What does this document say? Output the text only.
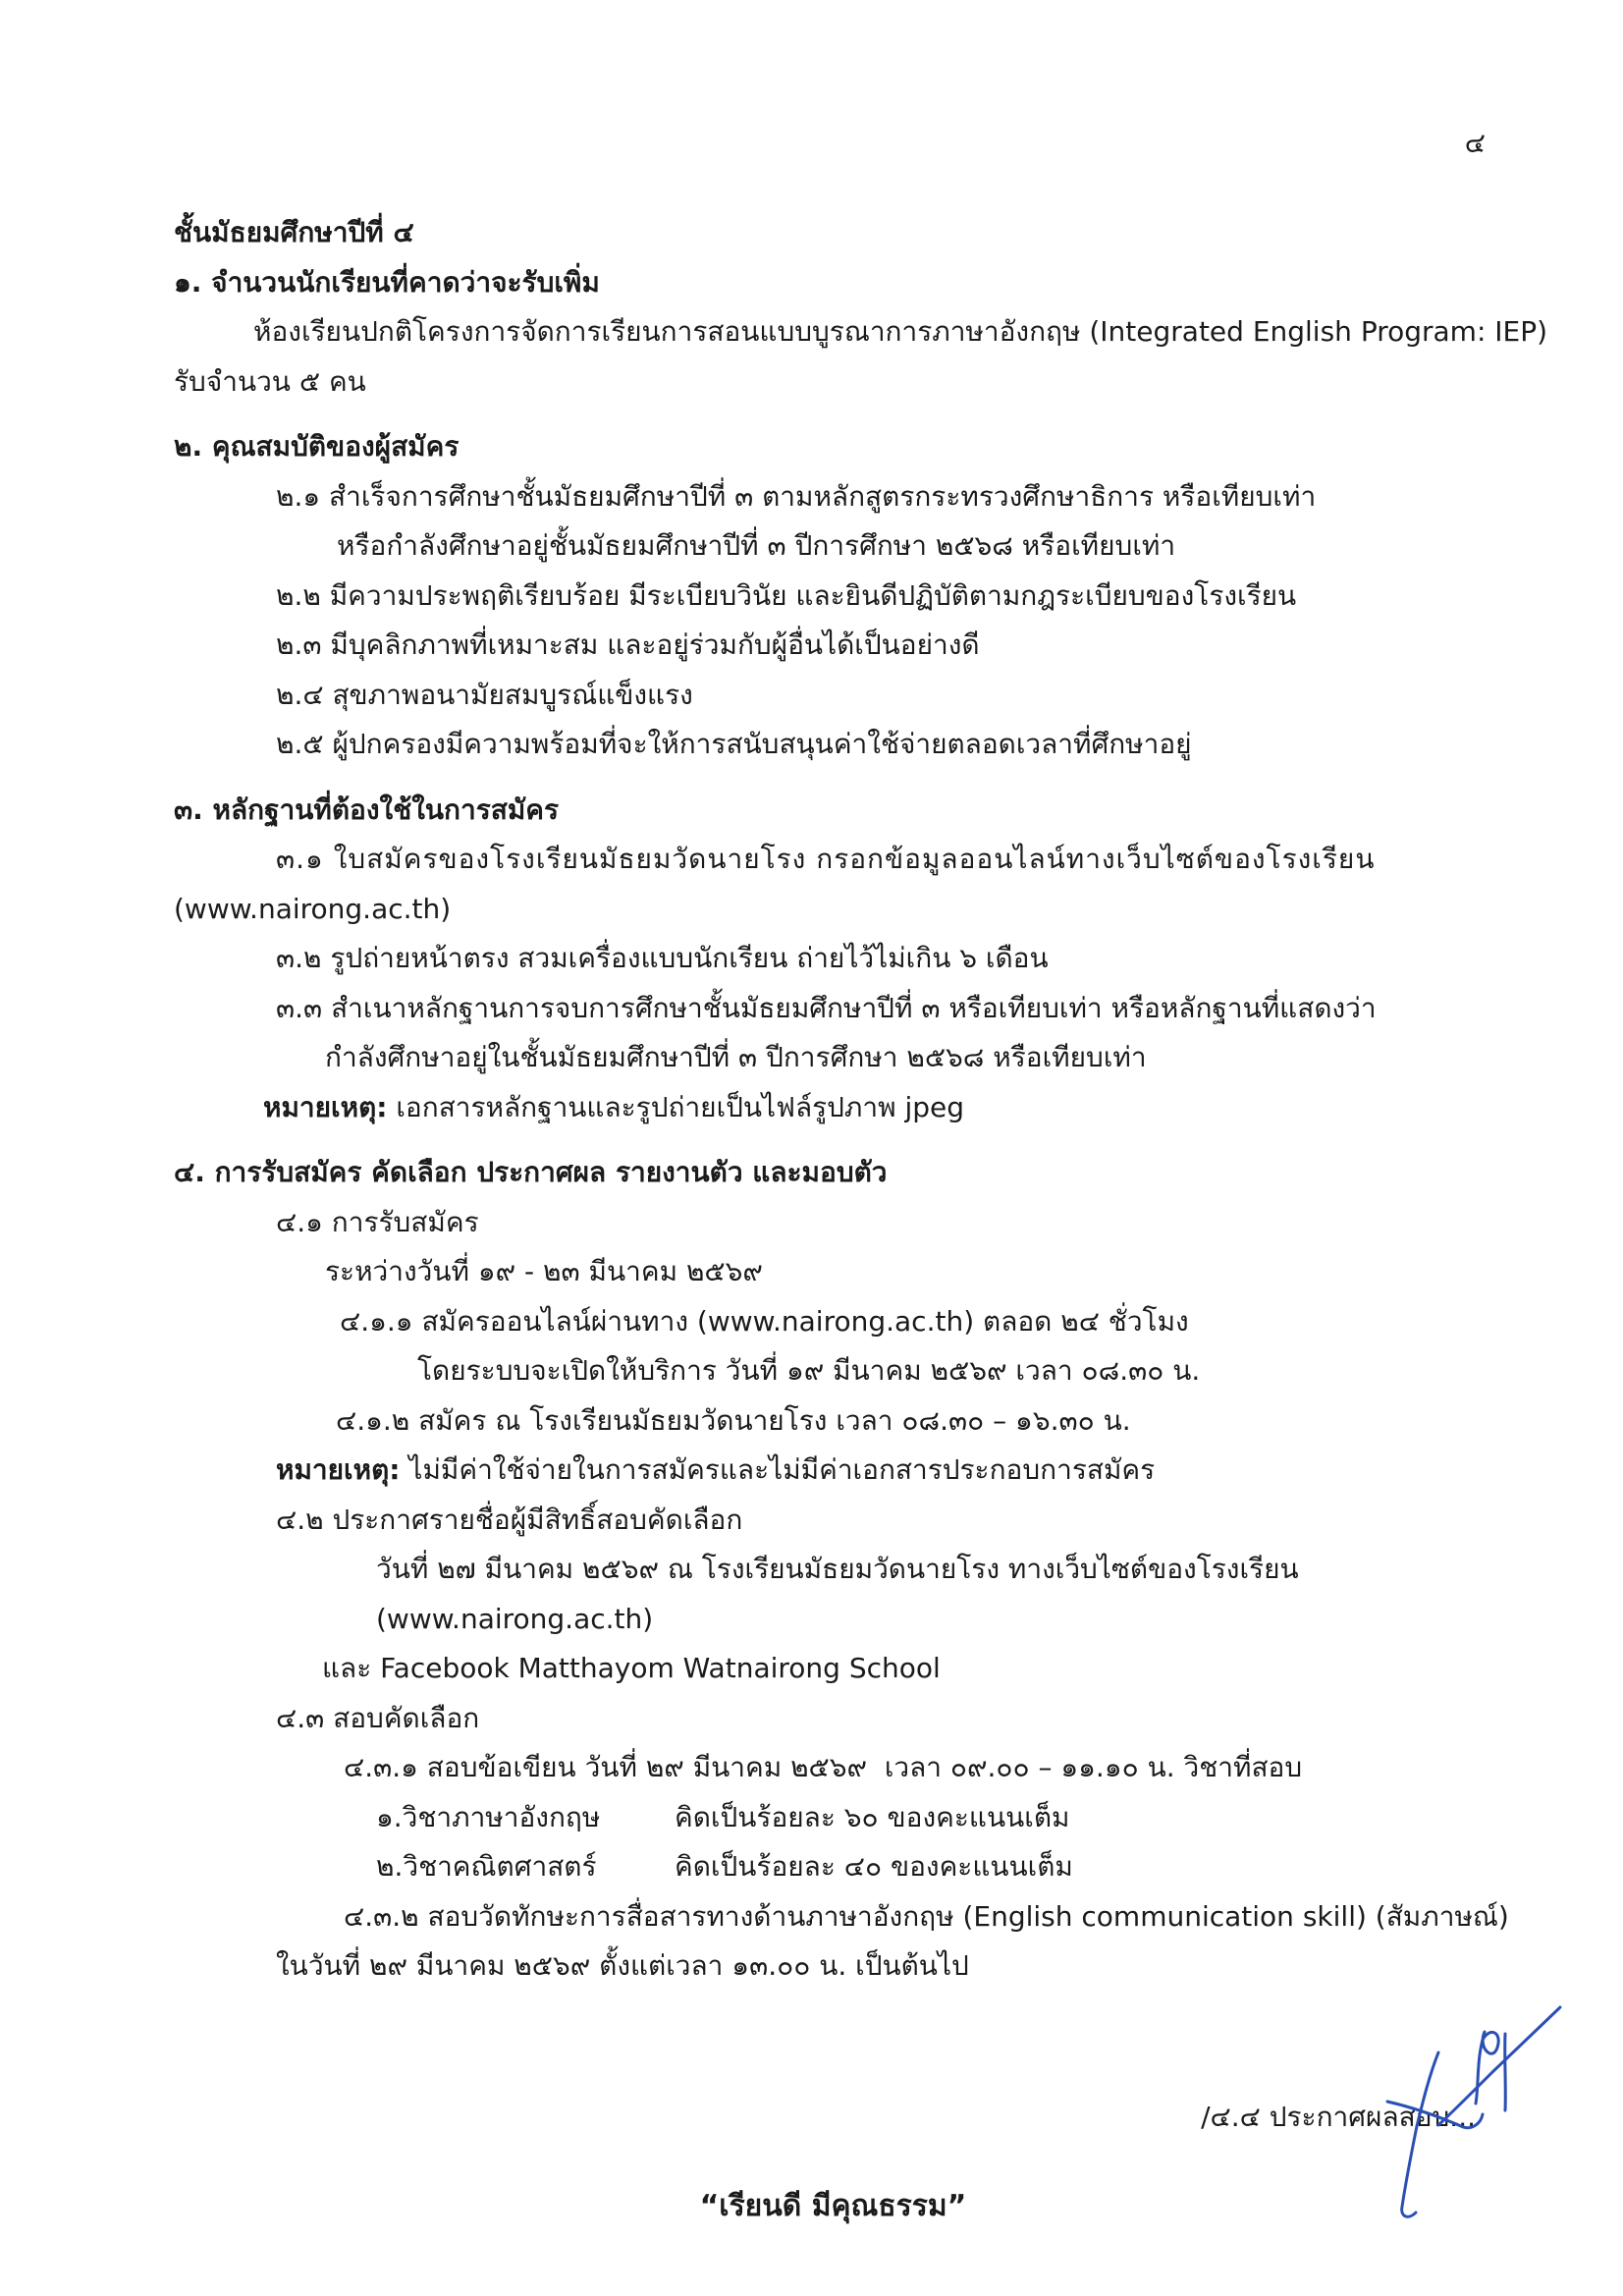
๔
ชั้นมัธยมศึกษาปีที่ ๔
๑. จำนวนนักเรียนที่คาดว่าจะรับเพิ่ม
ห้องเรียนปกติโครงการจัดการเรียนการสอนแบบบูรณาการภาษาอังกฤษ (Integrated English Program: IEP)
รับจำนวน ๕ คน
๒. คุณสมบัติของผู้สมัคร
๒.๑ สำเร็จการศึกษาชั้นมัธยมศึกษาปีที่ ๓ ตามหลักสูตรกระทรวงศึกษาธิการ หรือเทียบเท่า
หรือกำลังศึกษาอยู่ชั้นมัธยมศึกษาปีที่ ๓ ปีการศึกษา ๒๕๖๘ หรือเทียบเท่า
๒.๒ มีความประพฤติเรียบร้อย มีระเบียบวินัย และยินดีปฏิบัติตามกฎระเบียบของโรงเรียน
๒.๓ มีบุคลิกภาพที่เหมาะสม และอยู่ร่วมกับผู้อื่นได้เป็นอย่างดี
๒.๔ สุขภาพอนามัยสมบูรณ์แข็งแรง
๒.๕ ผู้ปกครองมีความพร้อมที่จะให้การสนับสนุนค่าใช้จ่ายตลอดเวลาที่ศึกษาอยู่
๓. หลักฐานที่ต้องใช้ในการสมัคร
๓.๑ ใบสมัครของโรงเรียนมัธยมวัดนายโรง กรอกข้อมูลออนไลน์ทางเว็บไซต์ของโรงเรียน
(www.nairong.ac.th)
๓.๒ รูปถ่ายหน้าตรง สวมเครื่องแบบนักเรียน ถ่ายไว้ไม่เกิน ๖ เดือน
๓.๓ สำเนาหลักฐานการจบการศึกษาชั้นมัธยมศึกษาปีที่ ๓ หรือเทียบเท่า หรือหลักฐานที่แสดงว่า
กำลังศึกษาอยู่ในชั้นมัธยมศึกษาปีที่ ๓ ปีการศึกษา ๒๕๖๘ หรือเทียบเท่า
หมายเหตุ: เอกสารหลักฐานและรูปถ่ายเป็นไฟล์รูปภาพ jpeg
๔. การรับสมัคร คัดเลือก ประกาศผล รายงานตัว และมอบตัว
๔.๑ การรับสมัคร
ระหว่างวันที่ ๑๙ - ๒๓ มีนาคม ๒๕๖๙
๔.๑.๑ สมัครออนไลน์ผ่านทาง (www.nairong.ac.th) ตลอด ๒๔ ชั่วโมง
โดยระบบจะเปิดให้บริการ วันที่ ๑๙ มีนาคม ๒๕๖๙ เวลา ๐๘.๓๐ น.
๔.๑.๒ สมัคร ณ โรงเรียนมัธยมวัดนายโรง เวลา ๐๘.๓๐ – ๑๖.๓๐ น.
หมายเหตุ: ไม่มีค่าใช้จ่ายในการสมัครและไม่มีค่าเอกสารประกอบการสมัคร
๔.๒ ประกาศรายชื่อผู้มีสิทธิ์สอบคัดเลือก
วันที่ ๒๗ มีนาคม ๒๕๖๙ ณ โรงเรียนมัธยมวัดนายโรง ทางเว็บไซต์ของโรงเรียน (www.nairong.ac.th)
และ Facebook Matthayom Watnairong School
๔.๓ สอบคัดเลือก
๔.๓.๑ สอบข้อเขียน วันที่ ๒๙ มีนาคม ๒๕๖๙  เวลา ๐๙.๐๐ – ๑๑.๑๐ น. วิชาที่สอบ
๑.วิชาภาษาอังกฤษ	คิดเป็นร้อยละ ๖๐ ของคะแนนเต็ม
๒.วิชาคณิตศาสตร์	คิดเป็นร้อยละ ๔๐ ของคะแนนเต็ม
๔.๓.๒ สอบวัดทักษะการสื่อสารทางด้านภาษาอังกฤษ (English communication skill) (สัมภาษณ์)
ในวันที่ ๒๙ มีนาคม ๒๕๖๙ ตั้งแต่เวลา ๑๓.๐๐ น. เป็นต้นไป
/๔.๔ ประกาศผลสอบ...
“เรียนดี มีคุณธรรม”
